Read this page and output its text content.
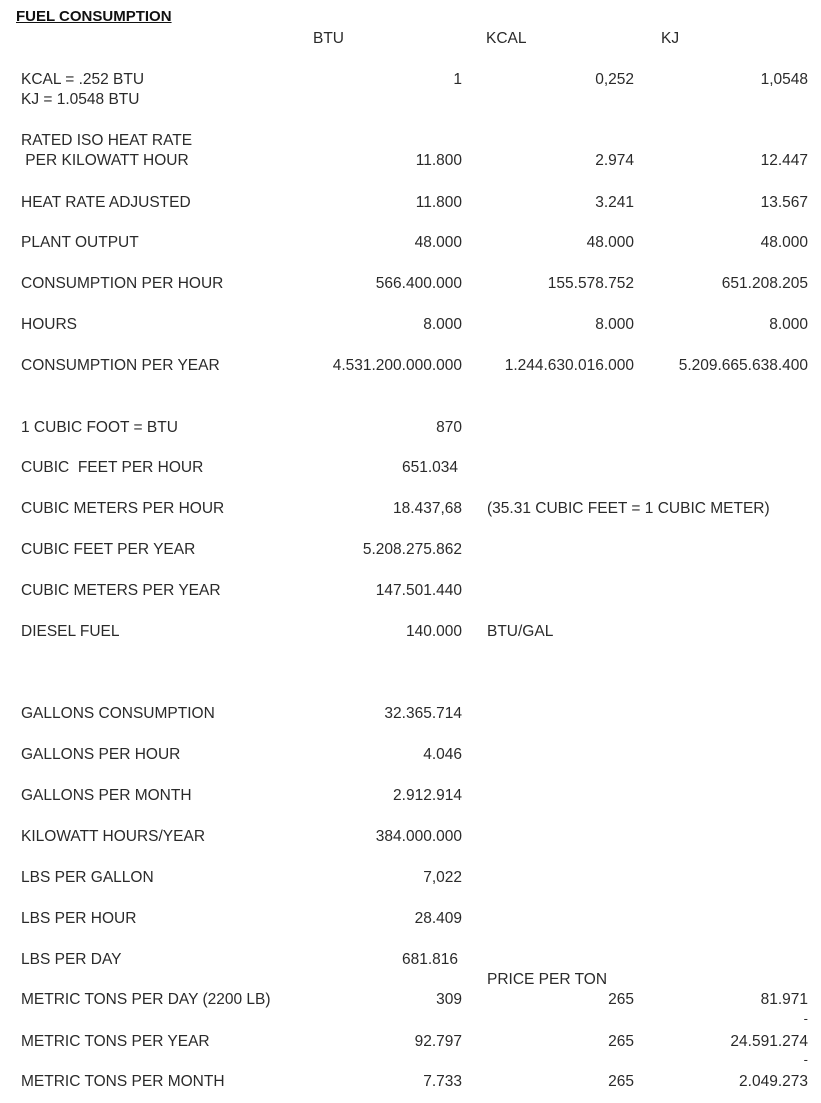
FUEL CONSUMPTION
BTU	KCAL	KJ
KCAL = .252 BTU
KJ = 1.0548 BTU
1	0,252	1,0548
RATED ISO HEAT RATE
PER KILOWATT HOUR	11.800	2.974	12.447
HEAT RATE ADJUSTED	11.800	3.241	13.567
PLANT OUTPUT	48.000	48.000	48.000
CONSUMPTION PER HOUR	566.400.000	155.578.752	651.208.205
HOURS	8.000	8.000	8.000
CONSUMPTION PER YEAR	4.531.200.000.000	1.244.630.016.000	5.209.665.638.400
1 CUBIC FOOT = BTU	870
CUBIC  FEET PER HOUR	651.034
CUBIC METERS PER HOUR	18.437,68 (35.31 CUBIC FEET = 1 CUBIC METER)
CUBIC FEET PER YEAR	5.208.275.862
CUBIC METERS PER YEAR	147.501.440
DIESEL FUEL	140.000 BTU/GAL
GALLONS CONSUMPTION	32.365.714
GALLONS PER HOUR	4.046
GALLONS PER MONTH	2.912.914
KILOWATT HOURS/YEAR	384.000.000
LBS PER GALLON	7,022
LBS PER HOUR	28.409
LBS PER DAY	681.816
PRICE PER TON
METRIC TONS PER DAY (2200 LB)	309	265	81.971
-
METRIC TONS PER YEAR	92.797	265	24.591.274
-
METRIC TONS PER MONTH	7.733	265	2.049.273
